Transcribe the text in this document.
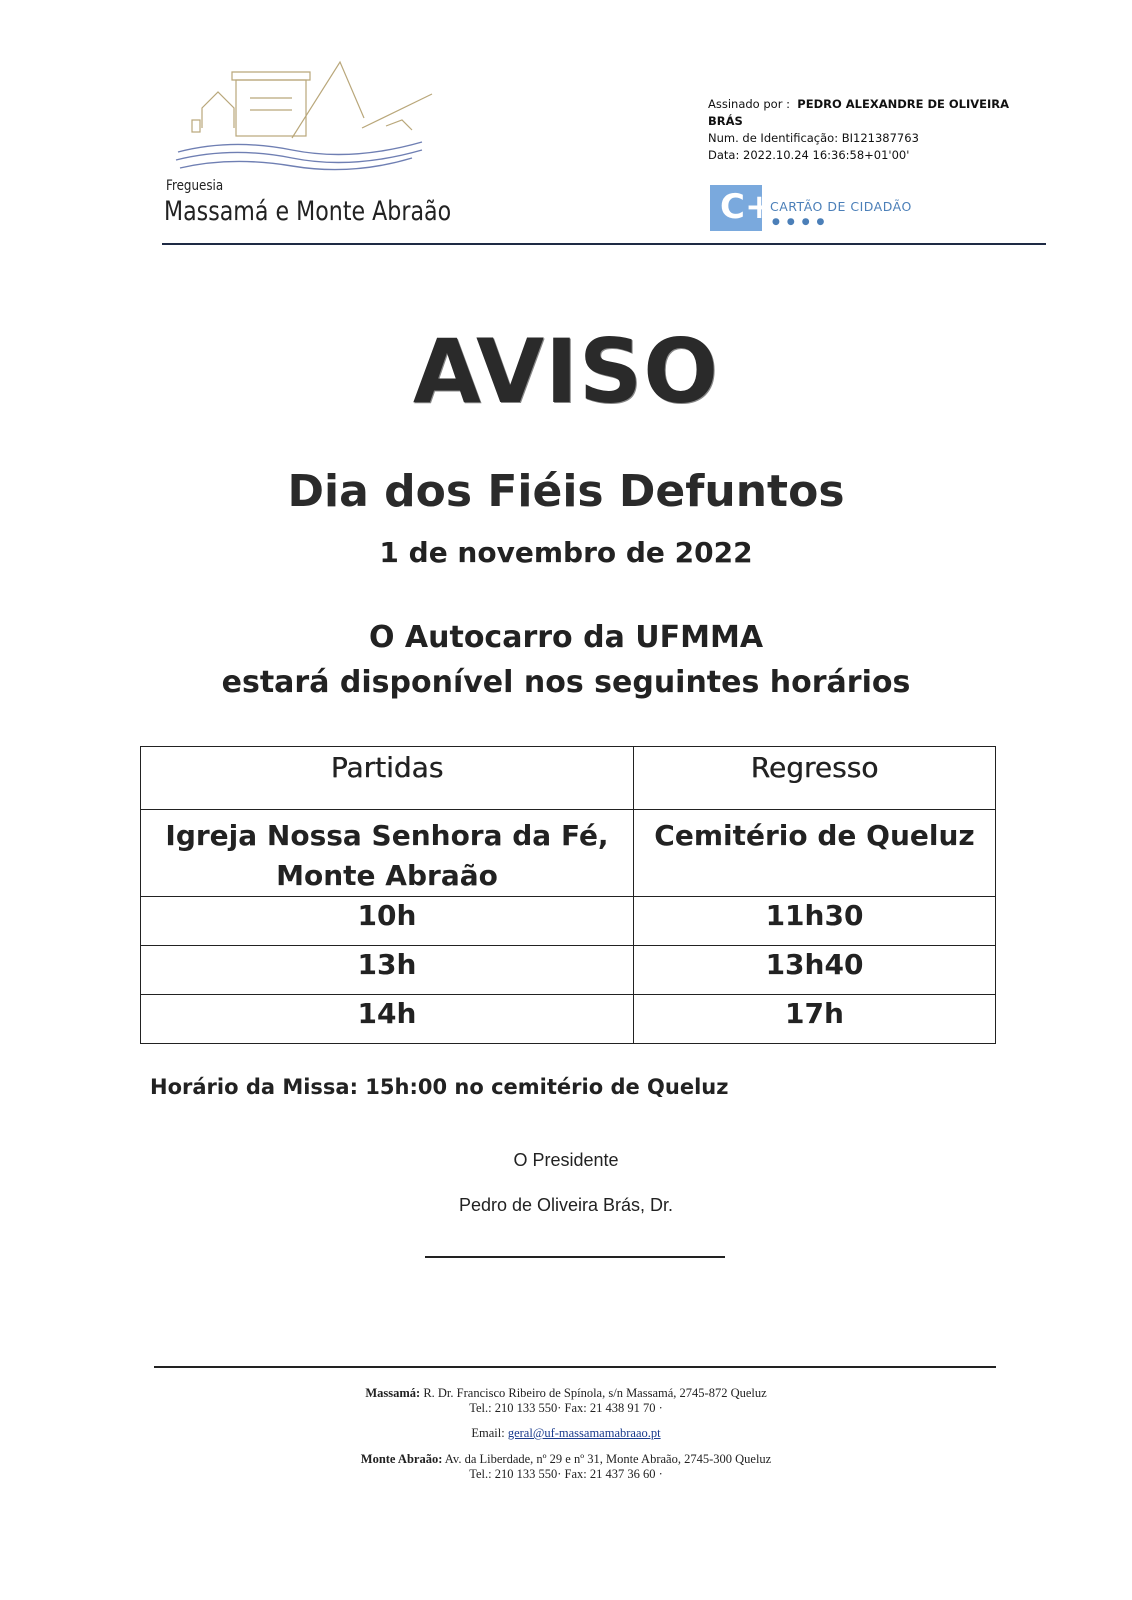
Freguesia
Massamá e Monte Abraão
Assinado por : PEDRO ALEXANDRE DE OLIVEIRA BRÁS
Num. de Identificação: BI121387763
Data: 2022.10.24 16:36:58+01'00'
C+
CARTÃO DE CIDADÃO
●●●●
AVISO
Dia dos Fiéis Defuntos
1 de novembro de 2022
O Autocarro da UFMMA
estará disponível nos seguintes horários
Partidas	Regresso
Igreja Nossa Senhora da Fé, Monte Abraão	Cemitério de Queluz
10h	11h30
13h	13h40
14h	17h
Horário da Missa: 15h:00 no cemitério de Queluz
O Presidente
Pedro de Oliveira Brás, Dr.
Massamá: R. Dr. Francisco Ribeiro de Spínola, s/n Massamá, 2745-872 Queluz
Tel.: 210 133 550· Fax: 21 438 91 70 ·
Email: geral@uf-massamamabraao.pt
Monte Abraão: Av. da Liberdade, nº 29 e nº 31, Monte Abraão, 2745-300 Queluz
Tel.: 210 133 550· Fax: 21 437 36 60 ·
